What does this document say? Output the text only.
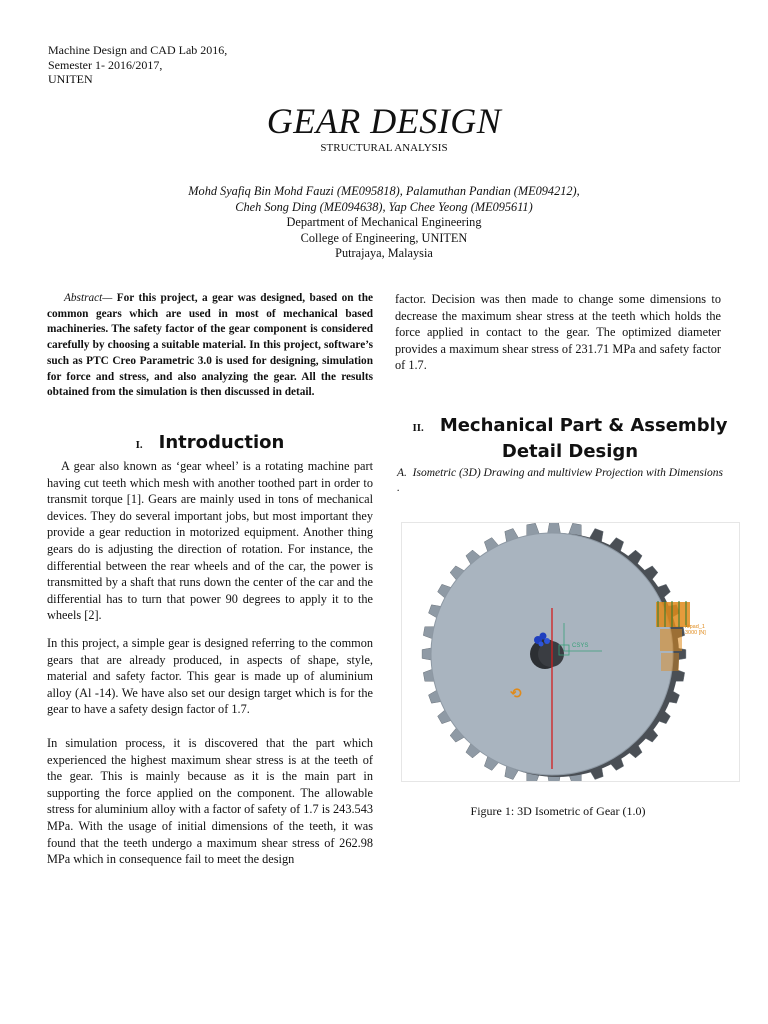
Machine Design and CAD Lab 2016,
Semester 1- 2016/2017,
UNITEN
GEAR DESIGN
STRUCTURAL ANALYSIS
Mohd Syafiq Bin Mohd Fauzi (ME095818), Palamuthan Pandian (ME094212),
Cheh Song Ding (ME094638), Yap Chee Yeong (ME095611)
Department of Mechanical Engineering
College of Engineering, UNITEN
Putrajaya, Malaysia
Abstract— For this project, a gear was designed, based on the common gears which are used in most of mechanical based machineries. The safety factor of the gear component is considered carefully by choosing a suitable material. In this project, software’s such as PTC Creo Parametric 3.0 is used for designing, simulation for force and stress, and also analyzing the gear. All the results obtained from the simulation is then discussed in detail.
I. Introduction
A gear also known as ‘gear wheel’ is a rotating machine part having cut teeth which mesh with another toothed part in order to transmit torque [1]. Gears are mainly used in tons of mechanical devices. They do several important jobs, but most important they provide a gear reduction in motorized equipment. Another thing gears do is adjusting the direction of rotation. For instance, the differential between the rear wheels and of the car, the power is transmitted by a shaft that runs down the center of the car and the differential has to turn that power 90 degrees to apply it to the wheels [2].
In this project, a simple gear is designed referring to the common gears that are already produced, in aspects of shape, style, material and safety factor. This gear is made up of aluminium alloy (Al -14). We have also set our design target which is for the gear to have a safety design factor of 1.7.
In simulation process, it is discovered that the part which experienced the highest maximum shear stress is at the teeth of the gear. This is mainly because as it is the main part in supporting the force applied on the component. The allowable stress for aluminium alloy with a factor of safety of 1.7 is 243.543 MPa. With the usage of initial dimensions of the teeth, it was found that the teeth undergo a maximum shear stress of 262.98 MPa which in consequence fail to meet the design
factor. Decision was then made to change some dimensions to decrease the maximum shear stress at the teeth which holds the force applied in contact to the gear. The optimized diameter provides a maximum shear stress of 231.71 MPa and safety factor of 1.7.
II. Mechanical Part & Assembly
Detail Design
A. Isometric (3D) Drawing and multiview Projection with Dimensions .
CSYS
⟲
ntpad_1
3000 [N]
Figure 1: 3D Isometric of Gear (1.0)
